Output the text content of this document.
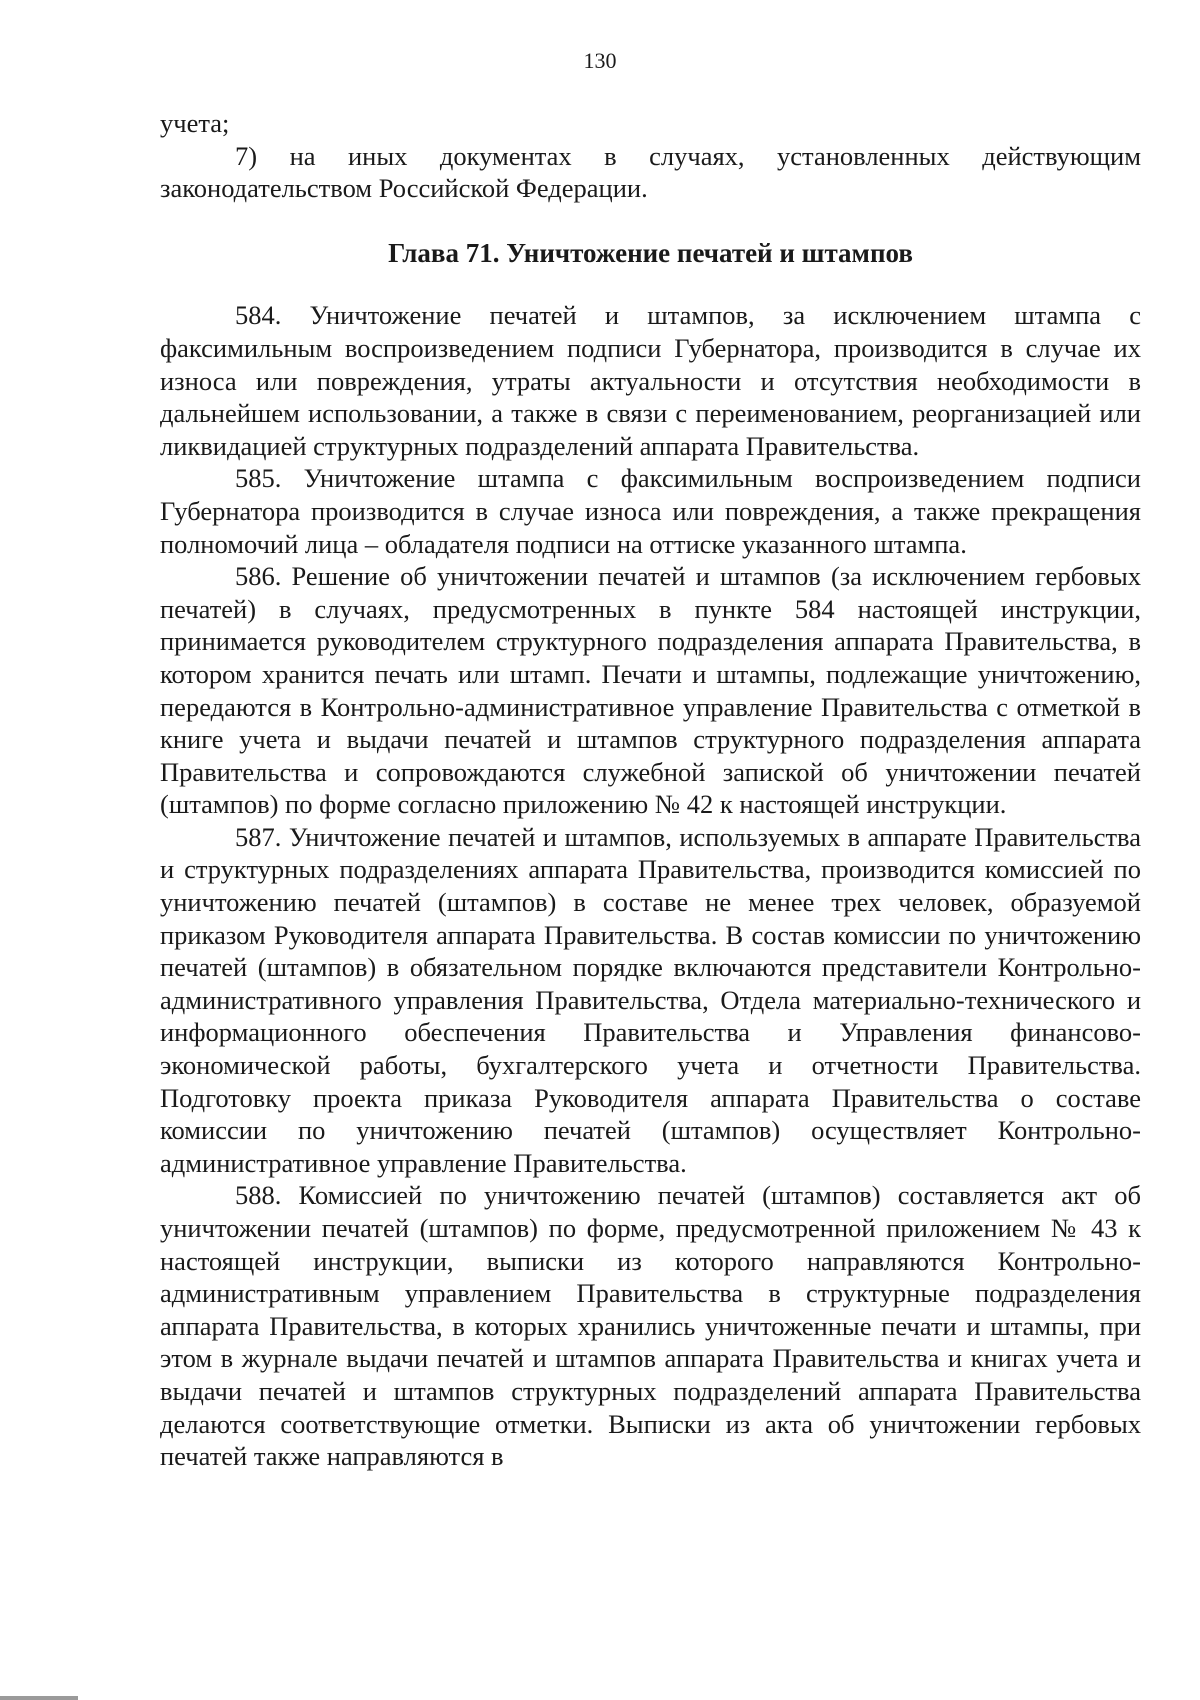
130

учета;

7) на иных документах в случаях, установленных действующим законодательством Российской Федерации.

Глава 71. Уничтожение печатей и штампов

584. Уничтожение печатей и штампов, за исключением штампа с факсимильным воспроизведением подписи Губернатора, производится в случае их износа или повреждения, утраты актуальности и отсутствия необходимости в дальнейшем использовании, а также в связи с переименованием, реорганизацией или ликвидацией структурных подразделений аппарата Правительства.

585. Уничтожение штампа с факсимильным воспроизведением подписи Губернатора производится в случае износа или повреждения, а также прекращения полномочий лица – обладателя подписи на оттиске указанного штампа.

586. Решение об уничтожении печатей и штампов (за исключением гербовых печатей) в случаях, предусмотренных в пункте 584 настоящей инструкции, принимается руководителем структурного подразделения аппарата Правительства, в котором хранится печать или штамп. Печати и штампы, подлежащие уничтожению, передаются в Контрольно-административное управление Правительства с отметкой в книге учета и выдачи печатей и штампов структурного подразделения аппарата Правительства и сопровождаются служебной запиской об уничтожении печатей (штампов) по форме согласно приложению № 42 к настоящей инструкции.

587. Уничтожение печатей и штампов, используемых в аппарате Правительства и структурных подразделениях аппарата Правительства, производится комиссией по уничтожению печатей (штампов) в составе не менее трех человек, образуемой приказом Руководителя аппарата Правительства. В состав комиссии по уничтожению печатей (штампов) в обязательном порядке включаются представители Контрольно-административного управления Правительства, Отдела материально-технического и информационного обеспечения Правительства и Управления финансово-экономической работы, бухгалтерского учета и отчетности Правительства. Подготовку проекта приказа Руководителя аппарата Правительства о составе комиссии по уничтожению печатей (штампов) осуществляет Контрольно-административное управление Правительства.

588. Комиссией по уничтожению печатей (штампов) составляется акт об уничтожении печатей (штампов) по форме, предусмотренной приложением № 43 к настоящей инструкции, выписки из которого направляются Контрольно-административным управлением Правительства в структурные подразделения аппарата Правительства, в которых хранились уничтоженные печати и штампы, при этом в журнале выдачи печатей и штампов аппарата Правительства и книгах учета и выдачи печатей и штампов структурных подразделений аппарата Правительства делаются соответствующие отметки. Выписки из акта об уничтожении гербовых печатей также направляются в
